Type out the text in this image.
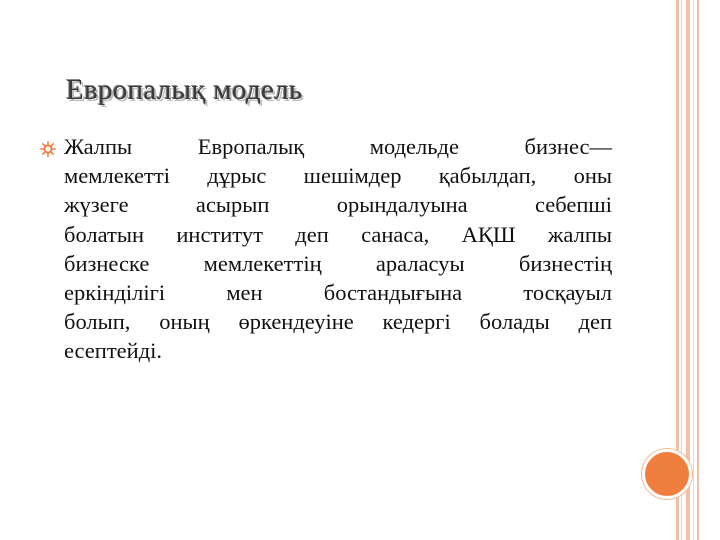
Европалық модель
Жалпы Европалық модельде бизнес—
мемлекетті дұрыс шешімдер қабылдап, оны
жүзеге асырып орындалуына себепші
болатын институт деп санаса, АҚШ жалпы
бизнеске мемлекеттің араласуы бизнестің
еркінділігі мен бостандығына тосқауыл
болып, оның өркендеуіне кедергі болады деп
есептейді.
